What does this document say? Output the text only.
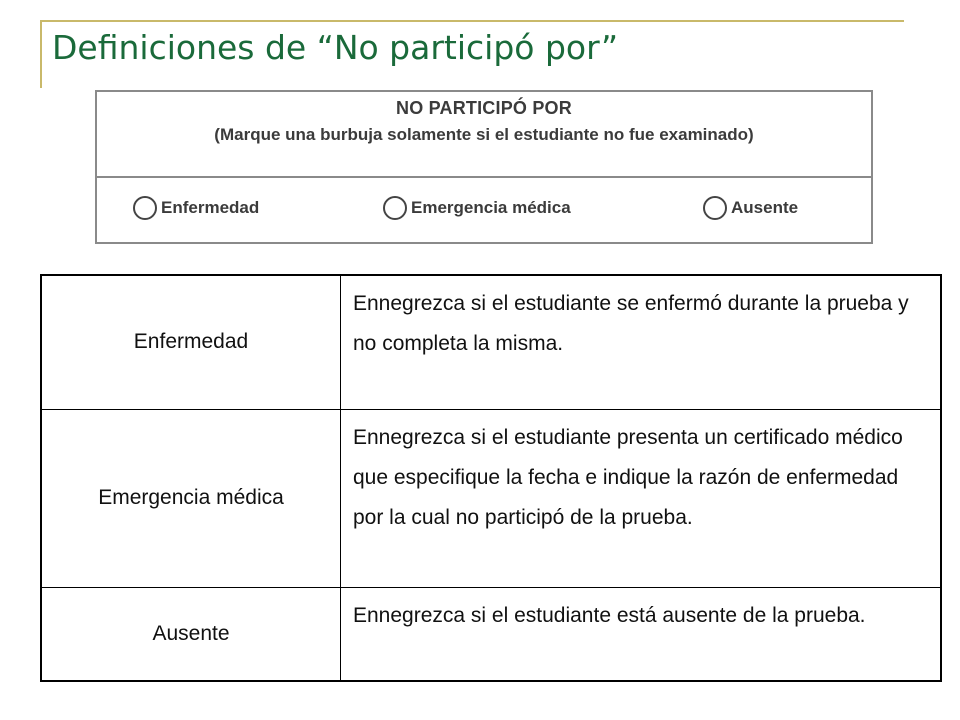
Definiciones de “No participó por”
NO PARTICIPÓ POR
(Marque una burbuja solamente si el estudiante no fue examinado)
Enfermedad	Emergencia médica	Ausente
Enfermedad	Ennegrezca si el estudiante se enfermó durante la prueba y no completa la misma.
Emergencia médica	Ennegrezca si el estudiante presenta un certificado médico que especifique la fecha e indique la razón de enfermedad por la cual no participó de la prueba.
Ausente	Ennegrezca si el estudiante está ausente de la prueba.
